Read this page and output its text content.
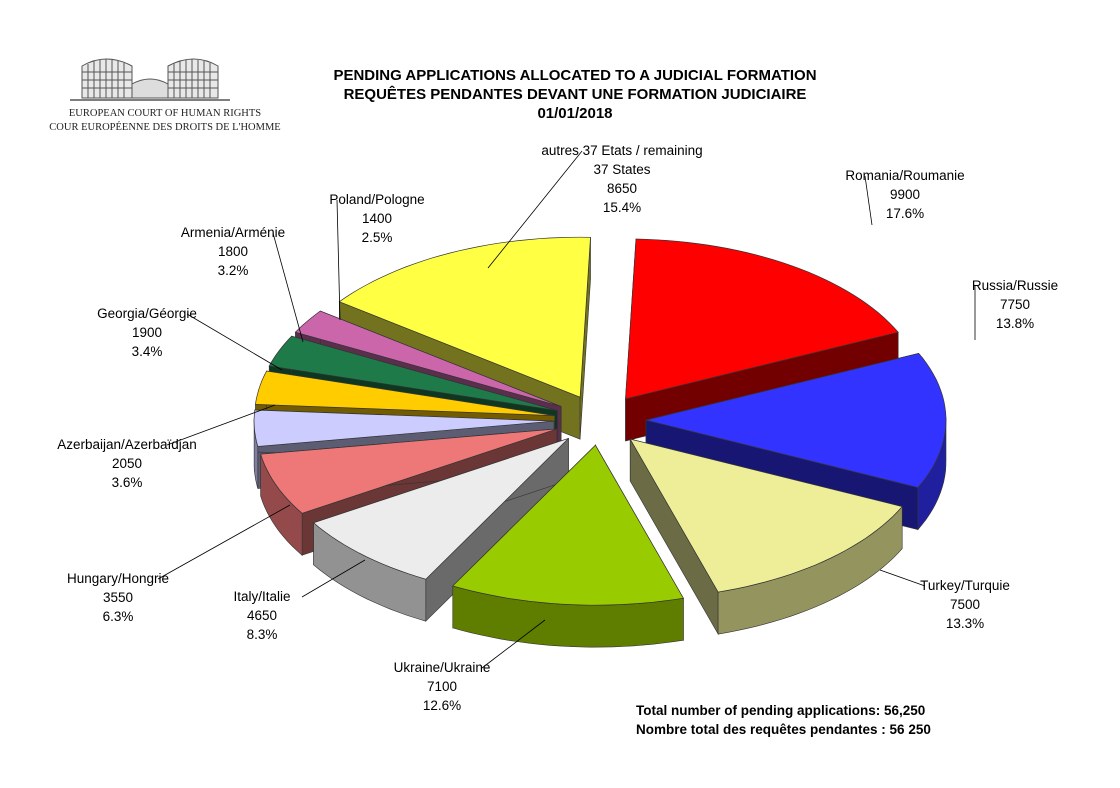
EUROPEAN COURT OF HUMAN RIGHTS
COUR EUROPÉENNE DES DROITS DE L'HOMME
PENDING APPLICATIONS ALLOCATED TO A JUDICIAL FORMATION
REQUÊTES PENDANTES DEVANT UNE FORMATION JUDICIAIRE
01/01/2018
Romania/Roumanie 9900 17.6%
Russia/Russie 7750 13.8%
Turkey/Turquie 7500 13.3%
Ukraine/Ukraine 7100 12.6%
Italy/Italie 4650 8.3%
Hungary/Hongrie 3550 6.3%
Azerbaijan/Azerbaïdjan 2050 3.6%
Georgia/Géorgie 1900 3.4%
Armenia/Arménie 1800 3.2%
Poland/Pologne 1400 2.5%
autres 37 Etats / remaining 37 States 8650 15.4%
Total number of pending applications: 56,250
Nombre total des requêtes pendantes : 56 250
